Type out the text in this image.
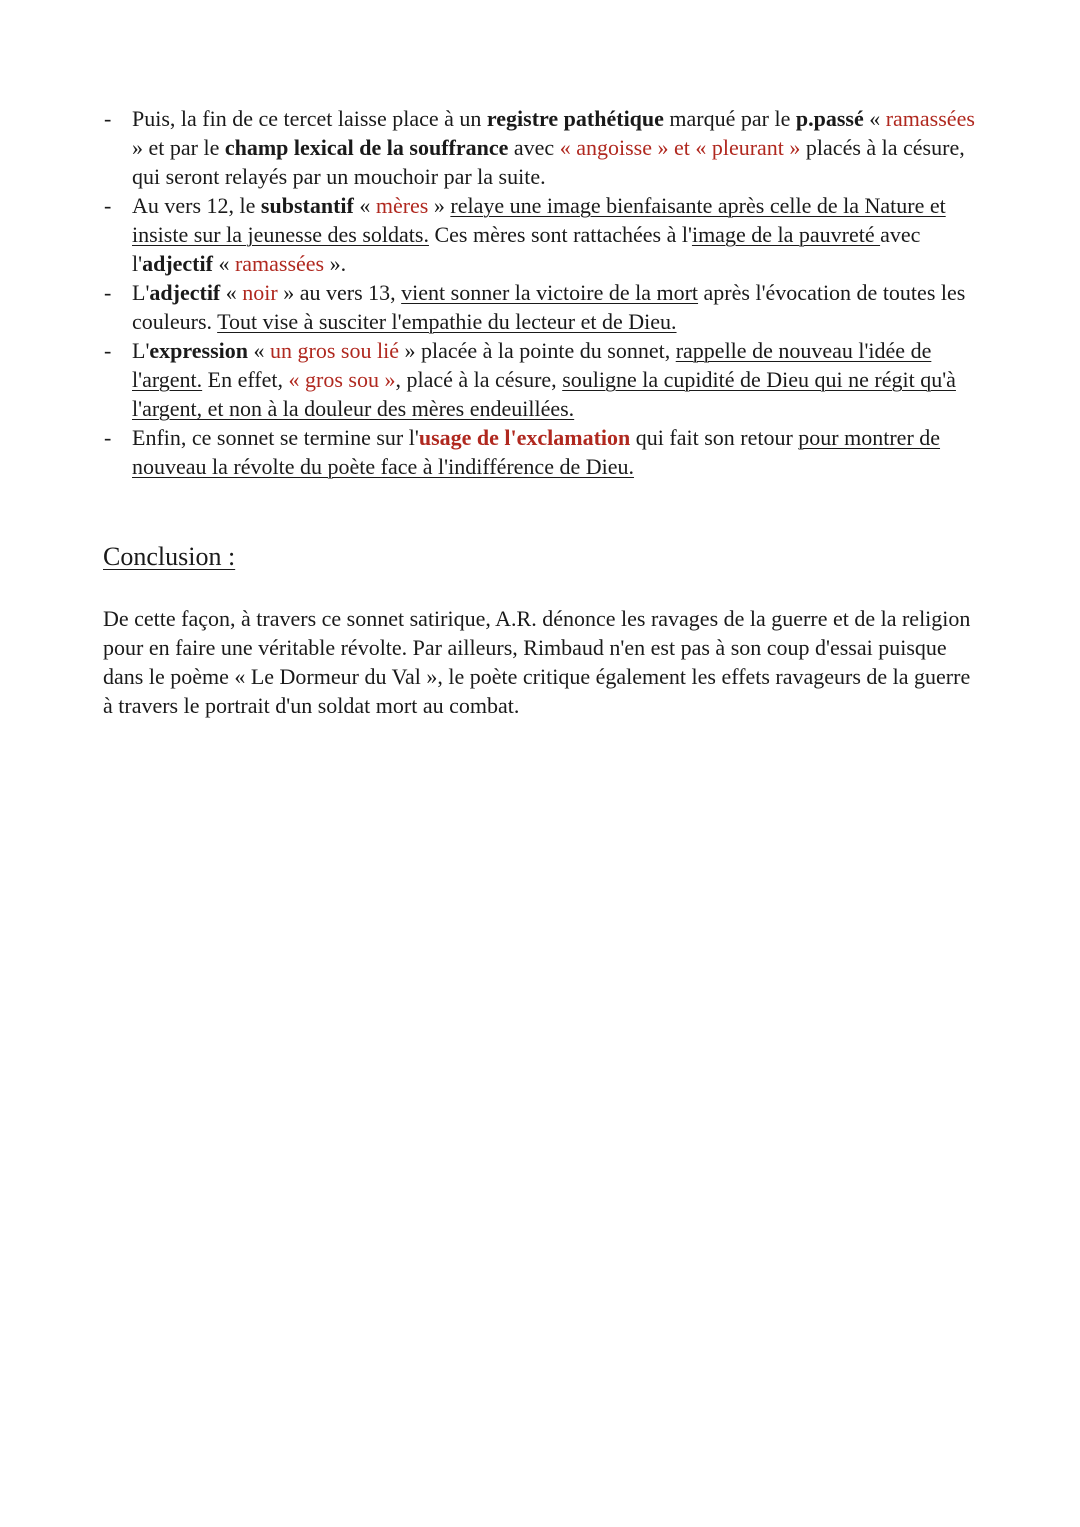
- Puis, la fin de ce tercet laisse place à un registre pathétique marqué par le p.passé « ramassées » et par le champ lexical de la souffrance avec « angoisse » et « pleurant » placés à la césure, qui seront relayés par un mouchoir par la suite.
- Au vers 12, le substantif « mères » relaye une image bienfaisante après celle de la Nature et insiste sur la jeunesse des soldats. Ces mères sont rattachées à l'image de la pauvreté avec l'adjectif « ramassées ».
- L'adjectif « noir » au vers 13, vient sonner la victoire de la mort après l'évocation de toutes les couleurs. Tout vise à susciter l'empathie du lecteur et de Dieu.
- L'expression « un gros sou lié » placée à la pointe du sonnet, rappelle de nouveau l'idée de l'argent. En effet, « gros sou », placé à la césure, souligne la cupidité de Dieu qui ne régit qu'à l'argent, et non à la douleur des mères endeuillées.
- Enfin, ce sonnet se termine sur l'usage de l'exclamation qui fait son retour pour montrer de nouveau la révolte du poète face à l'indifférence de Dieu.
Conclusion :

De cette façon, à travers ce sonnet satirique, A.R. dénonce les ravages de la guerre et de la religion pour en faire une véritable révolte. Par ailleurs, Rimbaud n'en est pas à son coup d'essai puisque dans le poème « Le Dormeur du Val », le poète critique également les effets ravageurs de la guerre à travers le portrait d'un soldat mort au combat.
